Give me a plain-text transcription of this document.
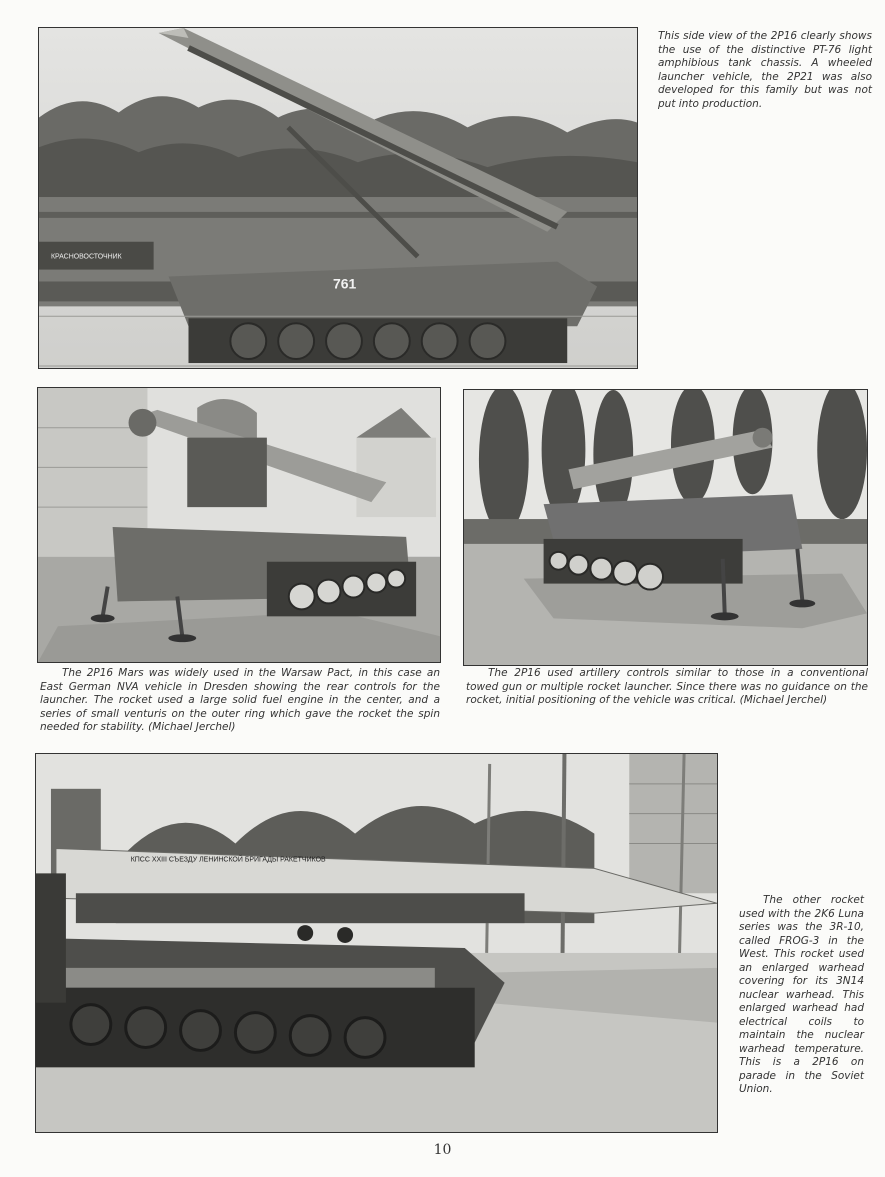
КРАСНОВОСТОЧНИК
761

This side view of the 2P16 clearly shows the use of the distinctive PT-76 light amphibious tank chassis. A wheeled launcher vehicle, the 2P21 was also developed for this family but was not put into production.

The 2P16 Mars was widely used in the Warsaw Pact, in this case an East German NVA vehicle in Dresden showing the rear controls for the launcher. The rocket used a large solid fuel engine in the center, and a series of small venturis on the outer ring which gave the rocket the spin needed for stability. (Michael Jerchel)

The 2P16 used artillery controls similar to those in a conventional towed gun or multiple rocket launcher. Since there was no guidance on the rocket, initial positioning of the vehicle was critical. (Michael Jerchel)

КПСС ХХIII СЪЕЗДУ ЛЕНИНСКОЙ БРИГАДЫ РАКЕТЧИКОВ

The other rocket used with the 2K6 Luna series was the 3R-10, called FROG-3 in the West. This rocket used an enlarged warhead covering for its 3N14 nuclear warhead. This enlarged warhead had electrical coils to maintain the nuclear warhead temperature. This is a 2P16 on parade in the Soviet Union.

10
